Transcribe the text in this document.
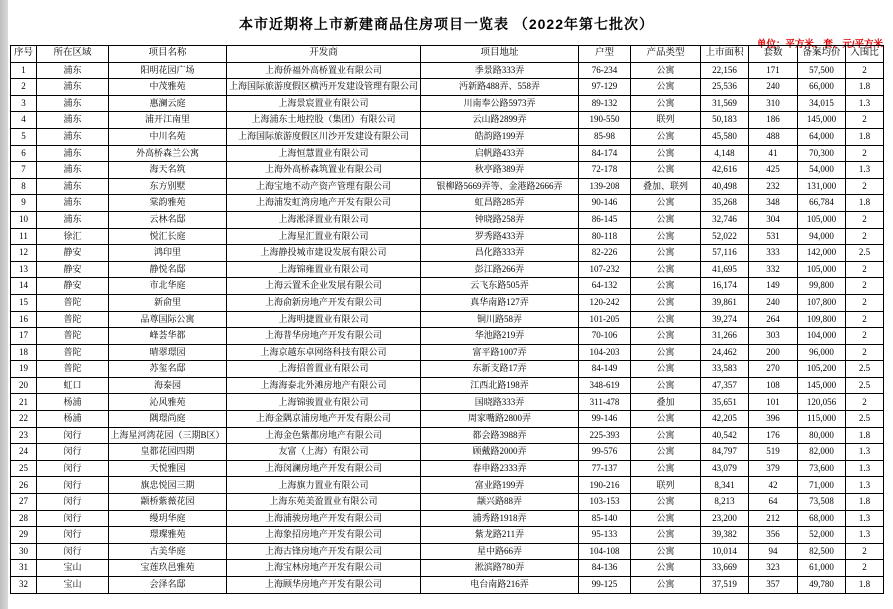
本市近期将上市新建商品住房项目一览表 （2022年第七批次）
单位：平方米、套、元/平方米
序号	所在区域	项目名称	开发商	项目地址	户型	产品类型	上市面积	套数	备案均价	入围比
1	浦东	阳明花园广场	上海侨福外高桥置业有限公司	季景路333弄	76-234	公寓	22,156	171	57,500	2
2	浦东	中茂雅苑	上海国际旅游度假区横沔开发建设管理有限公司	沔新路488弄、558弄	97-129	公寓	25,536	240	66,000	1.8
3	浦东	惠澜云庭	上海景宸置业有限公司	川南奉公路5973弄	89-132	公寓	31,569	310	34,015	1.3
4	浦东	浦开江南里	上海浦东土地控股（集团）有限公司	云山路2899弄	190-550	联列	50,183	186	145,000	2
5	浦东	中川名苑	上海国际旅游度假区川沙开发建设有限公司	皓韵路199弄	85-98	公寓	45,580	488	64,000	1.8
6	浦东	外高桥森兰公寓	上海恒慧置业有限公司	启帆路433弄	84-174	公寓	4,148	41	70,300	2
7	浦东	海天名筑	上海外高桥森筑置业有限公司	秋亭路389弄	72-178	公寓	42,616	425	54,000	1.3
8	浦东	东方别墅	上海宝地不动产资产管理有限公司	银柳路5669弄等、金港路2666弄	139-208	叠加、联列	40,498	232	131,000	2
9	浦东	棠韵雅苑	上海浦发虹湾房地产开发有限公司	虹昌路285弄	90-146	公寓	35,268	348	66,784	1.8
10	浦东	云林名邸	上海淞泽置业有限公司	钟晓路258弄	86-145	公寓	32,746	304	105,000	2
11	徐汇	悦汇长庭	上海星汇置业有限公司	罗秀路433弄	80-118	公寓	52,022	531	94,000	2
12	静安	鸿印里	上海静投城市建设发展有限公司	昌化路333弄	82-226	公寓	57,116	333	142,000	2.5
13	静安	静悦名邸	上海锦雍置业有限公司	彭江路266弄	107-232	公寓	41,695	332	105,000	2
14	静安	市北华庭	上海云置禾企业发展有限公司	云飞东路505弄	64-132	公寓	16,174	149	99,800	2
15	普陀	新俞里	上海俞新房地产开发有限公司	真华南路127弄	120-242	公寓	39,861	240	107,800	2
16	普陀	品尊国际公寓	上海明捷置业有限公司	铜川路58弄	101-205	公寓	39,274	264	109,800	2
17	普陀	峰荟华都	上海普华房地产开发有限公司	华池路219弄	70-106	公寓	31,266	303	104,000	2
18	普陀	晴翠璟园	上海京越东卓网络科技有限公司	富平路1007弄	104-203	公寓	24,462	200	96,000	2
19	普陀	苏玺名邸	上海招普置业有限公司	东新支路17弄	84-149	公寓	33,583	270	105,200	2.5
20	虹口	海泰园	上海海泰北外滩房地产有限公司	江西北路198弄	348-619	公寓	47,357	108	145,000	2.5
21	杨浦	沁风雅苑	上海锦骏置业有限公司	国晓路333弄	311-478	叠加	35,651	101	120,056	2
22	杨浦	隅璟尚庭	上海金隅京浦房地产开发有限公司	周家嘴路2800弄	99-146	公寓	42,205	396	115,000	2.5
23	闵行	上海星河湾花园（三期B区）	上海金色紫都房地产有限公司	都会路3988弄	225-393	公寓	40,542	176	80,000	1.8
24	闵行	皇都花园四期	友富（上海）有限公司	顾戴路2000弄	99-576	公寓	84,797	519	82,000	1.3
25	闵行	天悦雅园	上海闵澜房地产开发有限公司	春申路2333弄	77-137	公寓	43,079	379	73,600	1.3
26	闵行	旗忠悦园三期	上海旗力置业有限公司	富业路199弄	190-216	联列	8,341	42	71,000	1.3
27	闵行	颛桥紫薇花园	上海东苑美盈置业有限公司	颛兴路88弄	103-153	公寓	8,213	64	73,508	1.8
28	闵行	缦玥华庭	上海浦骏房地产开发有限公司	浦秀路1918弄	85-140	公寓	23,200	212	68,000	1.3
29	闵行	璟璨雅苑	上海象招房地产开发有限公司	紫龙路211弄	95-133	公寓	39,382	356	52,000	1.3
30	闵行	古美华庭	上海古锋房地产开发有限公司	星中路66弄	104-108	公寓	10,014	94	82,500	2
31	宝山	宝莲玖邑雅苑	上海宝林房地产开发有限公司	淞滨路780弄	84-136	公寓	33,669	323	61,000	2
32	宝山	会泽名邸	上海顾华房地产开发有限公司	电台南路216弄	99-125	公寓	37,519	357	49,780	1.8
